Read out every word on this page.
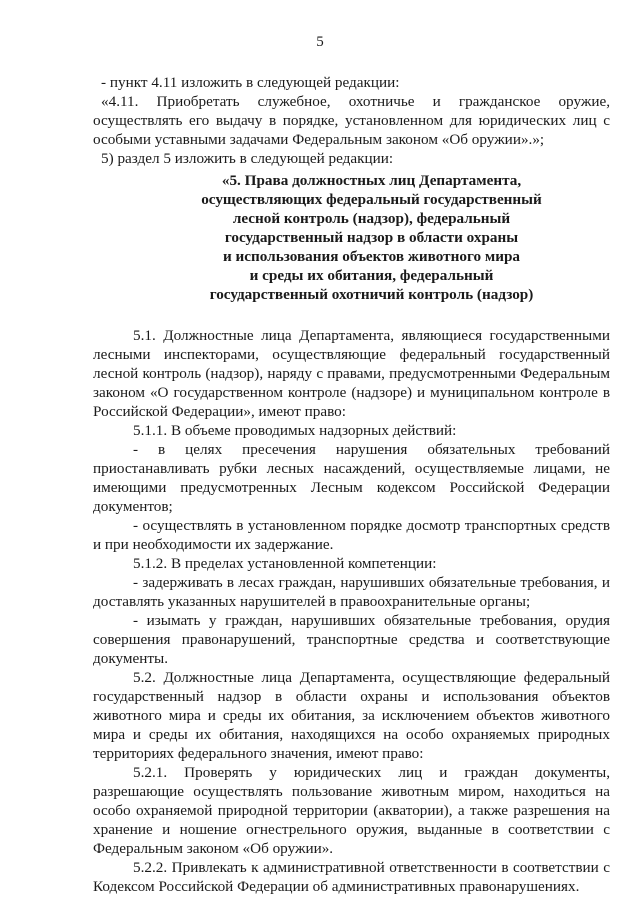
5

- пункт 4.11 изложить в следующей редакции:

«4.11. Приобретать служебное, охотничье и гражданское оружие, осуществлять его выдачу в порядке, установленном для юридических лиц с особыми уставными задачами Федеральным законом «Об оружии».»;

5) раздел 5 изложить в следующей редакции:

«5. Права должностных лиц Департамента,
осуществляющих федеральный государственный
лесной контроль (надзор), федеральный
государственный надзор в области охраны
и использования объектов животного мира
и среды их обитания, федеральный
государственный охотничий контроль (надзор)

5.1. Должностные лица Департамента, являющиеся государственными лесными инспекторами, осуществляющие федеральный государственный лесной контроль (надзор), наряду с правами, предусмотренными Федеральным законом «О государственном контроле (надзоре) и муниципальном контроле в Российской Федерации», имеют право:

5.1.1. В объеме проводимых надзорных действий:

- в целях пресечения нарушения обязательных требований приостанавливать рубки лесных насаждений, осуществляемые лицами, не имеющими предусмотренных Лесным кодексом Российской Федерации документов;

- осуществлять в установленном порядке досмотр транспортных средств и при необходимости их задержание.

5.1.2. В пределах установленной компетенции:

- задерживать в лесах граждан, нарушивших обязательные требования, и доставлять указанных нарушителей в правоохранительные органы;

- изымать у граждан, нарушивших обязательные требования, орудия совершения правонарушений, транспортные средства и соответствующие документы.

5.2. Должностные лица Департамента, осуществляющие федеральный государственный надзор в области охраны и использования объектов животного мира и среды их обитания, за исключением объектов животного мира и среды их обитания, находящихся на особо охраняемых природных территориях федерального значения, имеют право:

5.2.1. Проверять у юридических лиц и граждан документы, разрешающие осуществлять пользование животным миром, находиться на особо охраняемой природной территории (акватории), а также разрешения на хранение и ношение огнестрельного оружия, выданные в соответствии с Федеральным законом «Об оружии».

5.2.2. Привлекать к административной ответственности в соответствии с Кодексом Российской Федерации об административных правонарушениях.
